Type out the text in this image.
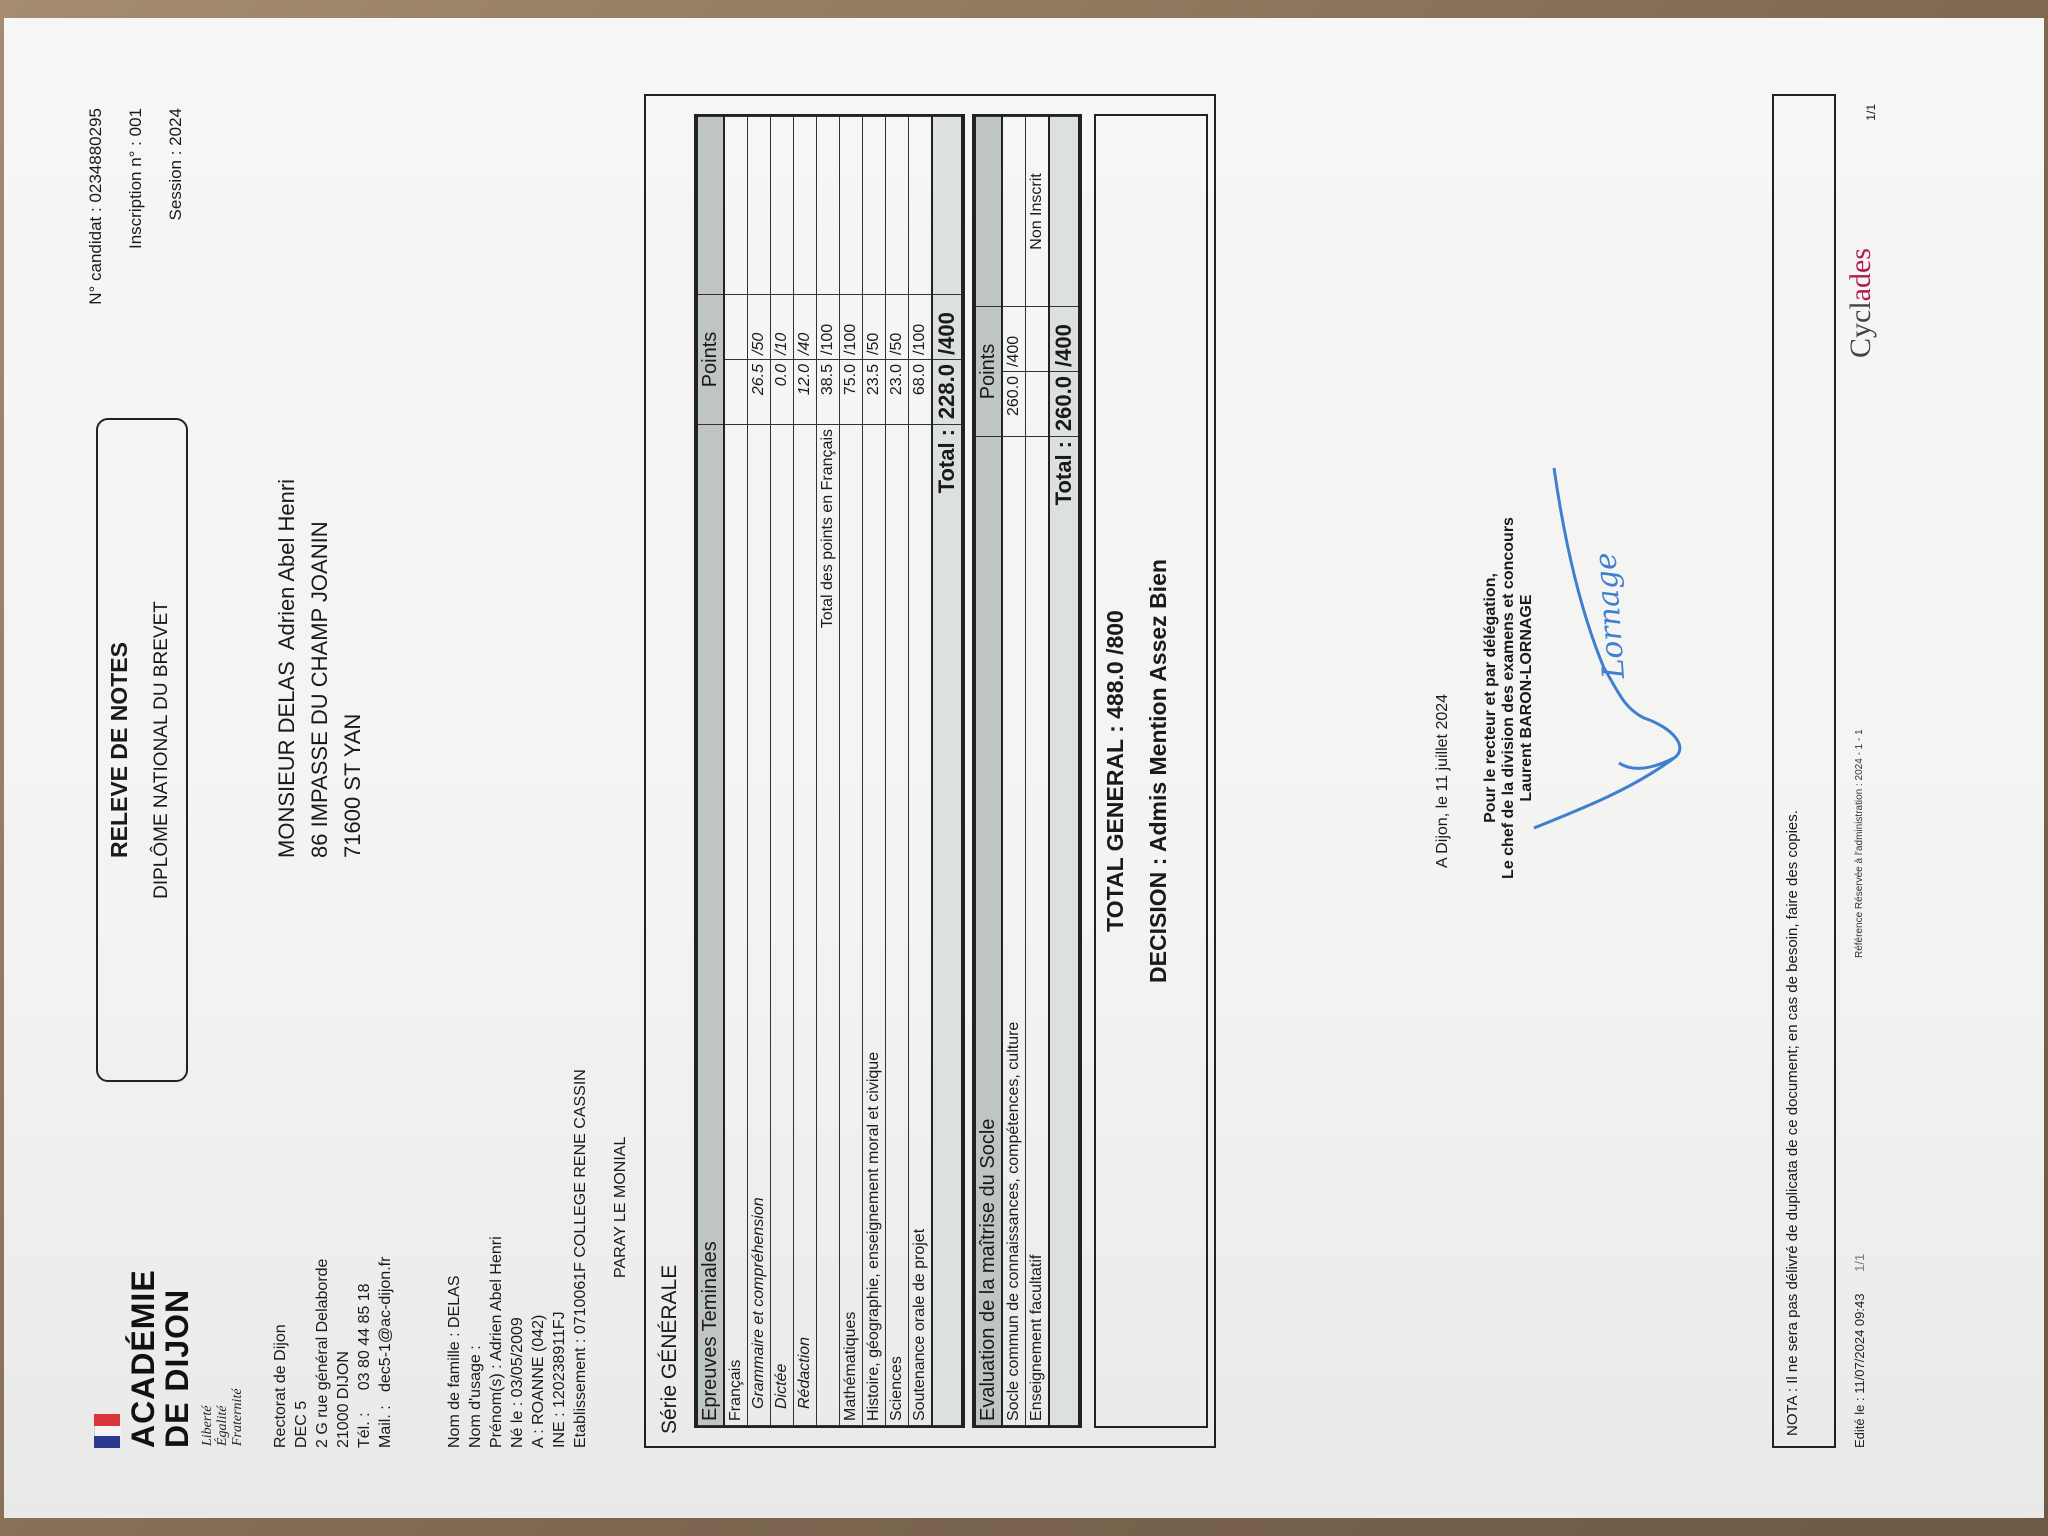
ACADÉMIE
DE DIJON Liberté Égalité Fraternité
RELEVE DE NOTES DIPLÔME NATIONAL DU BREVET
N° candidat : 0234880295	Inscription n° : 001	Session : 2024
Rectorat de Dijon DEC 5 2 G rue général Delaborde 21000 DIJON Tél. :     03 80 44 85 18 Mail. :   dec5-1@ac-dijon.fr
MONSIEUR DELAS  Adrien Abel Henri 86 IMPASSE DU CHAMP JOANIN 71600 ST YAN
Nom de famille : DELAS Nom d'usage : Prénom(s) : Adrien Abel Henri Né le : 03/05/2009 A : ROANNE (042) INE : 120238911FJ Etablissement : 0710061F COLLEGE RENE CASSIN PARAY LE MONIAL
Série GÉNÉRALE Epreuves Teminales	Points		
Français			
Grammaire et compréhension	26.5	/50	
Dictée	0.0	/10	
Rédaction	12.0	/40	
Total des points en Français	38.5	/100	
Mathématiques	75.0	/100	
Histoire, géographie, enseignement moral et civique	23.5	/50	
Sciences	23.0	/50	
Soutenance orale de projet	68.0	/100	
Total :	228.0	/400	
Evaluation de la maîtrise du Socle	Points		
Socle commun de connaissances, compétences, culture	260.0	/400	
Enseignement facultatif			Non Inscrit
Total :	260.0	/400	
TOTAL GENERAL : 488.0 /800 DECISION : Admis Mention Assez Bien	A Dijon, le 11 juillet 2024 Pour le recteur et par délégation, Le chef de la division des examens et concours Laurent BARON-LORNAGE Lornage
NOTA : Il ne sera pas délivré de duplicata de ce document; en cas de besoin, faire des copies.	Edité le : 11/07/2024 09:43      1/1
Référence Réservée à l'administration : 2024 - 1 - 1
Cyclades
1/1
